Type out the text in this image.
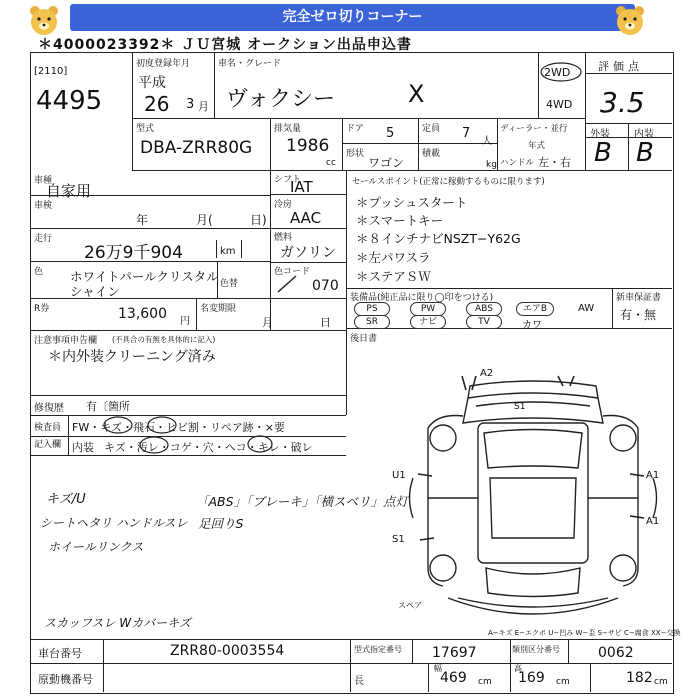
完全ゼロ切りコーナー
＊4000023392＊ ＪＵ宮城 オークション出品申込書
[2110]
4495
初度登録年月
平成
26 3 月
車名・グレード
ヴォクシー	X
2WD
4WD
評価点
3.5
型式
DBA-ZRR80G
排気量
1986
cc
ドア 5	定員 7
人
形状
ワゴン
積載
kg
ディーラー・並行
年式
ハンドル 左・右
外装 内装
B B
車種
自家用
車検
年	月(	日)
走行
26万9千904	km
色 ホワイトパールクリスタル
シャイン	色替
シフト
IAT
冷房
AAC
燃料
ガソリン
色コード
070
セールスポイント(正常に稼動するものに限ります)
＊プッシュスタート
＊スマートキー
＊８インチナビNSZT−Y62G
＊左パワスラ
＊ステアＳＷ
R券	13,600 円
名変期限
月	日
装備品(純正品に限り◯印をつける)
PS	PW	ABS	エアB	AW
SR	ナビ	TV	カワ
新車保証書
有・無
注意事項申告欄 (不具合の有無を具体的に記入)
＊内外装クリーニング済み
後日書
修復歴 有〔箇所
検査員
記入欄
FW・キズ・飛石・ヒビ割・リペア跡・×要
内装 キズ・汚レ・コゲ・穴・ヘコ・キレ・破レ
キズ/U
シートヘタリ ハンドルスレ
ホイールリンクス
スカッフスレ Wカバーキズ
「ABS」「ブレーキ」「横スベリ」点灯
足回りS
A2
S1
U1	A1
A1
S1
スペア
A−キズ E−エクボ U−凹み W−歪 S−サビ C−腐食 XX−交換
車台番号	ZRR80-0003554
原動機番号
型式指定番号 17697	類別区分番号	0062
長	469 cm
幅
169 cm
高
182 cm
